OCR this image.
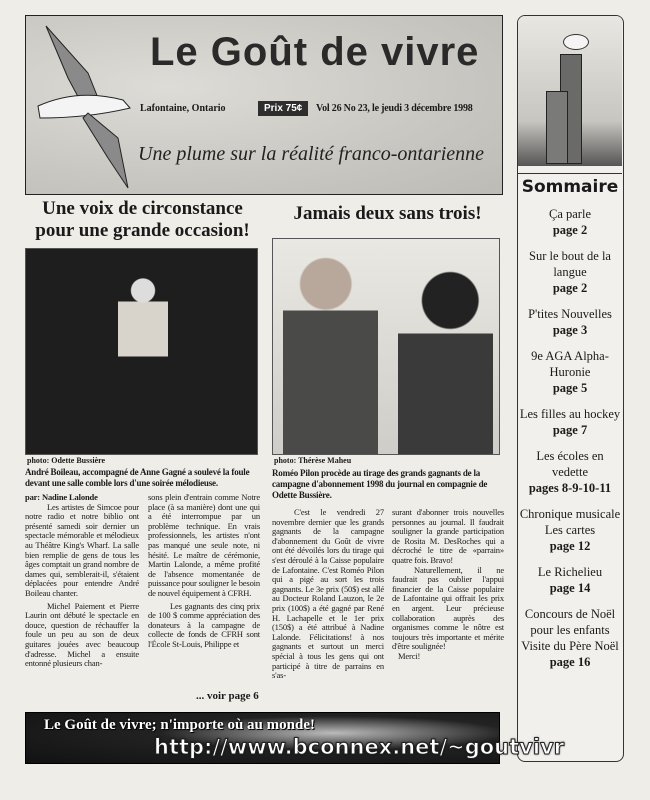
Le Goût de vivre
Lafontaine, Ontario	Prix 75¢	Vol 26 No 23, le jeudi 3 décembre 1998
Une plume sur la réalité franco-ontarienne
Une voix de circonstance pour une grande occasion!
photo: Odette Bussière
André Boileau, accompagné de Anne Gagné a soulevé la foule devant une salle comble lors d'une soirée mélodieuse.
par: Nadine Lalonde

Les artistes de Simcoe pour notre radio et notre biblio ont présenté samedi soir dernier un spectacle mémorable et mélodieux au Théâtre King's Wharf. La salle bien remplie de gens de tous les âges comptait un grand nombre de dames qui, semblerait-il, s'étaient déplacées pour entendre André Boileau chanter.

Michel Paiement et Pierre Laurin ont débuté le spectacle en douce, question de réchauffer la foule un peu au son de deux guitares jouées avec beaucoup d'adresse. Michel a ensuite entonné plusieurs chan-

sons plein d'entrain comme Notre place (à sa manière) dont une qui a été interrompue par un problème technique. En vrais professionnels, les artistes n'ont pas manqué une seule note, ni hésité. Le maître de cérémonie, Martin Lalonde, a même profité de l'absence momentanée de puissance pour souligner le besoin de nouvel équipement à CFRH.

Les gagnants des cinq prix de 100 $ comme appréciation des donateurs à la campagne de collecte de fonds de CFRH sont l'École St-Louis, Philippe et

... voir page 6
Jamais deux sans trois!
photo: Thérèse Maheu
Roméo Pilon procède au tirage des grands gagnants de la campagne d'abonnement 1998 du journal en compagnie de Odette Bussière.

C'est le vendredi 27 novembre dernier que les grands gagnants de la campagne d'abonnement du Goût de vivre ont été dévoilés lors du tirage qui s'est déroulé à la Caisse populaire de Lafontaine. C'est Roméo Pilon qui a pigé au sort les trois gagnants. Le 3e prix (50$) est allé au Docteur Roland Lauzon, le 2e prix (100$) a été gagné par René H. Lachapelle et le 1er prix (150$) a été attribué à Nadine Lalonde. Félicitations! à nos gagnants et surtout un merci spécial à tous les gens qui ont participé à titre de parrains en s'as-

surant d'abonner trois nouvelles personnes au journal. Il faudrait souligner la grande participation de Rosita M. DesRoches qui a décroché le titre de «parrain» quatre fois. Bravo!

Naturellement, il ne faudrait pas oublier l'appui financier de la Caisse populaire de Lafontaine qui offrait les prix en argent. Leur précieuse collaboration auprès des organismes comme le nôtre est toujours très importante et mérite d'être soulignée!

Merci!
Sommaire
Ça parle
page 2
Sur le bout de la langue
page 2
P'tites Nouvelles
page 3
9e AGA Alpha-Huronie
page 5
Les filles au hockey
page 7
Les écoles en vedette
pages 8-9-10-11
Chronique musicale Les cartes
page 12
Le Richelieu
page 14
Concours de Noël pour les enfants Visite du Père Noël
page 16
Le Goût de vivre; n'importe où au monde!
http://www.bconnex.net/~goutvivr
